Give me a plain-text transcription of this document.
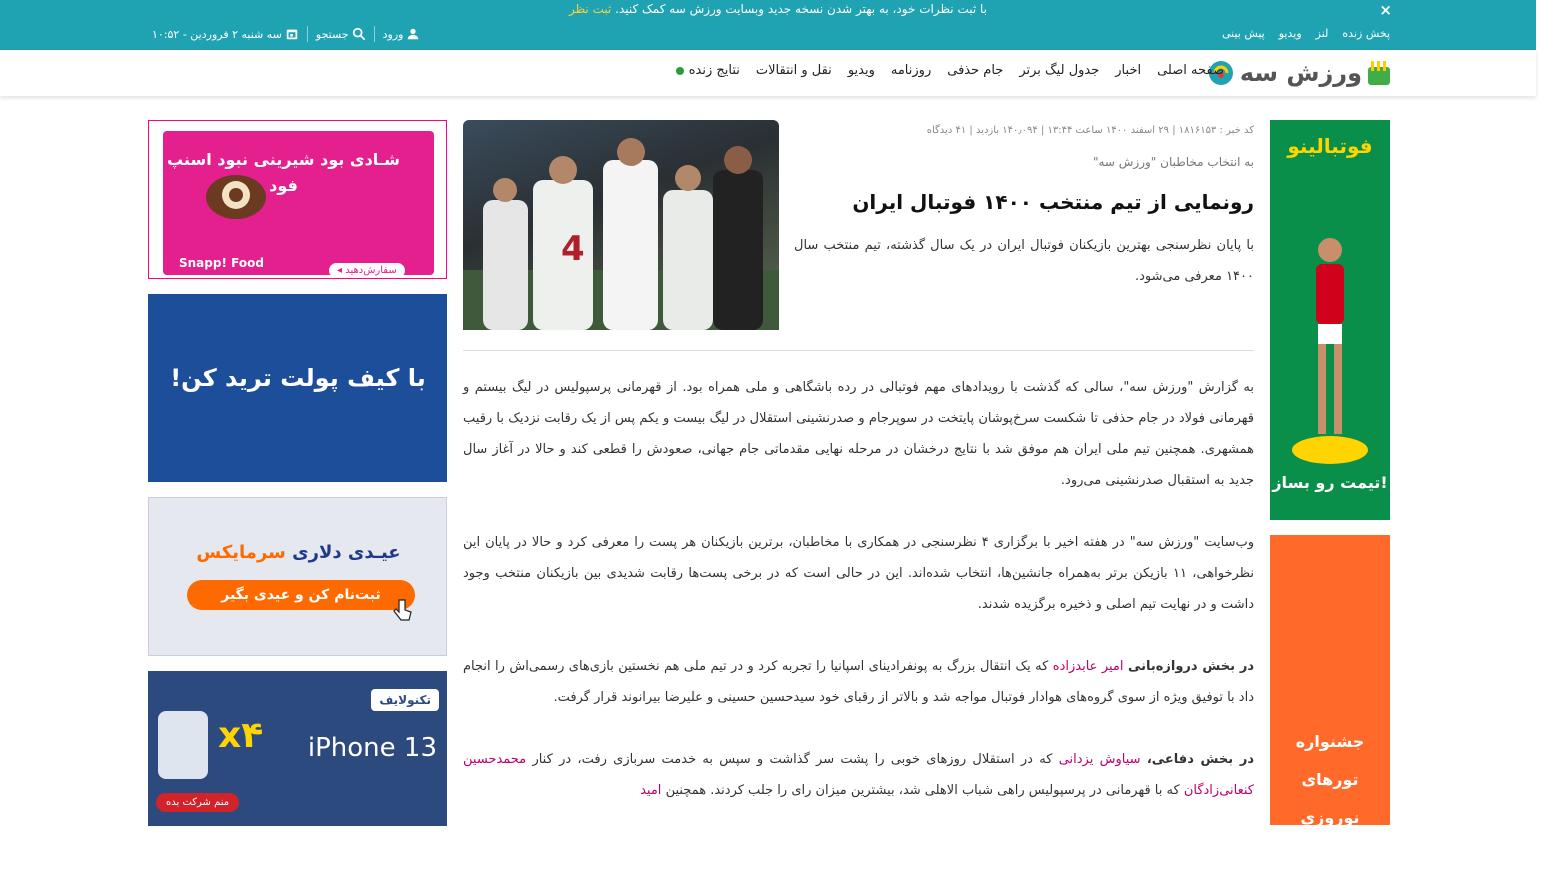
با ثبت نظرات خود، به بهتر شدن نسخه جدید وبسایت ورزش سه کمک کنید. ثبت نظر	×
پیش بینی ویدیو لنز پخش زنده
سه شنبه ۲ فروردین - ۱۰:۵۲	جستجو	ورود
ورزش سه
صفحه اصلی
اخبار
جدول لیگ برتر
جام حذفی
روزنامه
ویدیو
نقل و انتقالات
نتایج زنده
فوتبالینو
تیمت رو بساز!
جشنواره تورهای نوروزی لست‌سکند
کد خبر : ۱۸۱۶۱۵۳ | ۲۹ اسفند ۱۴۰۰ ساعت ۱۳:۴۴ | ۱۴۰٫۰۹۴ بازدید | ۴۱ دیدگاه
به انتخاب مخاطبان "ورزش سه"
رونمایی از تیم منتخب ۱۴۰۰ فوتبال ایران
با پایان نظرسنجی بهترین بازیکنان فوتبال ایران در یک سال گذشته، تیم منتخب سال ۱۴۰۰ معرفی می‌شود.
4

به گزارش "ورزش سه"، سالی که گذشت با رویدادهای مهم فوتبالی در رده باشگاهی و ملی همراه بود. از قهرمانی پرسپولیس در لیگ بیستم و قهرمانی فولاد در جام حذفی تا شکست سرخ‌پوشان پایتخت در سوپرجام و صدرنشینی استقلال در لیگ بیست و یکم پس از یک رقابت نزدیک با رقیب همشهری. همچنین تیم ملی ایران هم موفق شد با نتایج درخشان در مرحله نهایی مقدماتی جام جهانی، صعودش را قطعی کند و حالا در آغاز سال جدید به استقبال صدرنشینی می‌رود.

وب‌سایت "ورزش سه" در هفته اخیر با برگزاری ۴ نظرسنجی در همکاری با مخاطبان، برترین بازیکنان هر پست را معرفی کرد و حالا در پایان این نظرخواهی، ۱۱ بازیکن برتر به‌همراه جانشین‌ها، انتخاب شده‌اند. این در حالی است که در برخی پست‌ها رقابت شدیدی بین بازیکنان منتخب وجود داشت و در نهایت تیم اصلی و ذخیره برگزیده شدند.

در بخش دروازه‌بانی امیر عابدزاده که یک انتقال بزرگ به پونفرادینای اسپانیا را تجربه کرد و در تیم ملی هم نخستین بازی‌های رسمی‌اش را انجام داد با توفیق ویژه از سوی گروه‌های هوادار فوتبال مواجه شد و بالاتر از رقبای خود سیدحسین حسینی و علیرضا بیرانوند قرار گرفت.

در بخش دفاعی، سیاوش یزدانی که در استقلال روزهای خوبی را پشت سر گذاشت و سپس به خدمت سربازی رفت، در کنار محمدحسین کنعانی‌زادگان که با قهرمانی در پرسپولیس راهی شباب الاهلی شد، بیشترین میزان رای را جلب کردند. همچنین امید

شـادی بود شیرینی نبود اسنپ فود
Snapp! Food
سفارش‌دهید ◂
با کیف پولت ترید کن!
عیـدی دلاری سرمایکس
ثبت‌نام کن و عیدی بگیر
تکنولایف
x۴ iPhone 13
منم شرکت بده
